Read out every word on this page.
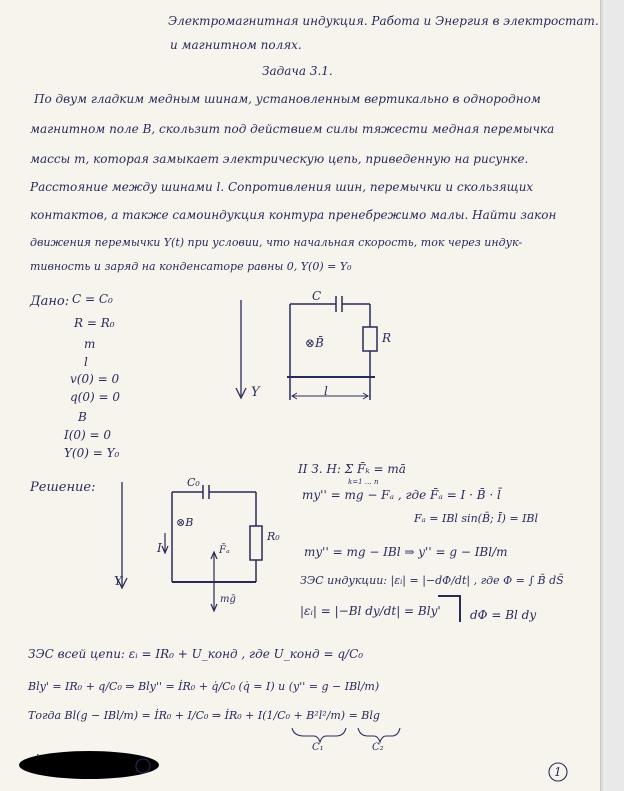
Электромагнитная индукция. Работа и Энергия в электростат.
и магнитном полях.
Задача 3.1.
По двум гладким медным шинам, установленным вертикально в однородном
магнитном поле B, скользит под действием силы тяжести медная перемычка
массы m, которая замыкает электрическую цепь, приведенную на рисунке.
Расстояние между шинами l. Сопротивления шин, перемычки и скользящих
контактов, а также самоиндукция контура пренебрежимо малы. Найти закон
движения перемычки Y(t) при условии, что начальная скорость, ток через индук-
тивность и заряд на конденсаторе равны 0, Y(0) = Y₀
Дано: C = C₀
R = R₀
m
l
v(0) = 0
q(0) = 0
B
I(0) = 0
Y(0) = Y₀
C
R
⊗B̄
l
Y
Решение:	C₀
R₀
⊗B
I	F̄ₐ
mḡ
Y
II З. Н: Σ F̄ₖ = mā
k=1 … n
my'' = mg − Fₐ , где F̄ₐ = I · B̄ · l̄
Fₐ = IBl sin(B̄; Ī) = IBl
my'' = mg − IBl ⇒ y'' = g − IBl/m
ЗЭС индукции: |εᵢ| = |−dΦ/dt| , где Φ = ∫ B̄ dS̄
|εᵢ| = |−Bl dy/dt| = Bly' dΦ = Bl dy
ЗЭС всей цепи: εᵢ = IR₀ + U_конд , где U_конд = q/C₀
Bly' = IR₀ + q/C₀ ⇒ Bly'' = İR₀ + q̇/C₀ (q̇ = I) и (y'' = g − IBl/m)
Тогда Bl(g − IBl/m) = İR₀ + I/C₀ ⇒ İR₀ + I(1/C₀ + B²l²/m) = Blg
C₁	C₂
1
